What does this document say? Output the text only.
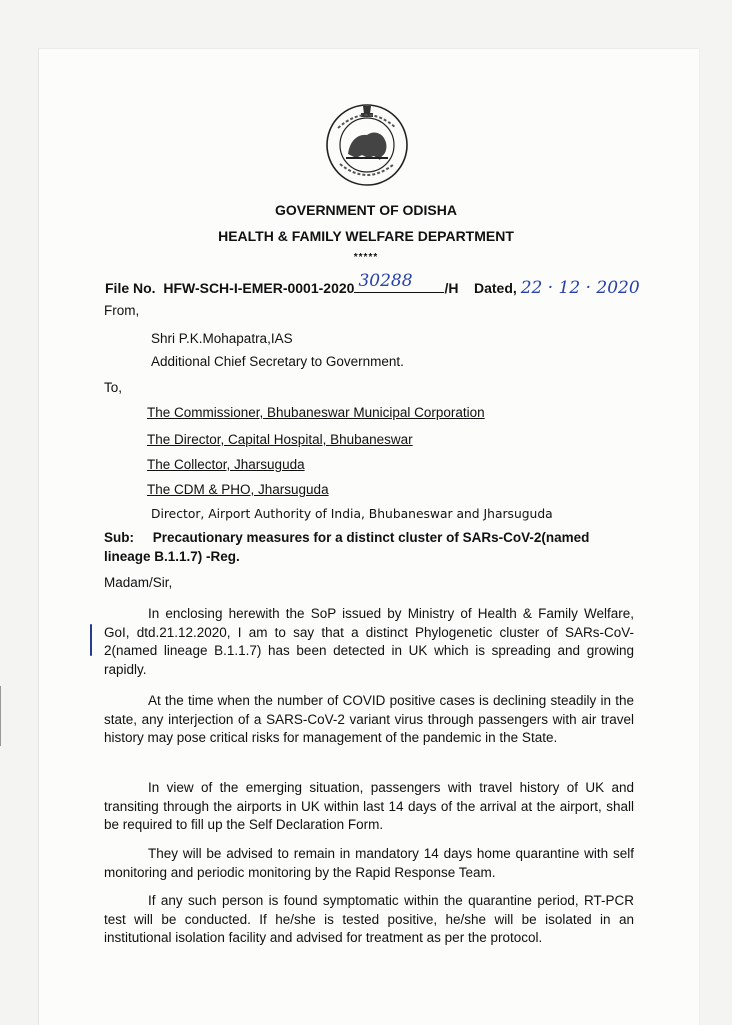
GOVERNMENT OF ODISHA

HEALTH & FAMILY WELFARE DEPARTMENT

*****

File No. HFW-SCH-I-EMER-0001-2020 30288 /H Dated, 22 · 12 · 2020

From,

Shri P.K.Mohapatra,IAS

Additional Chief Secretary to Government.

To,

The Commissioner, Bhubaneswar Municipal Corporation

The Director, Capital Hospital, Bhubaneswar

The Collector, Jharsuguda

The CDM & PHO, Jharsuguda

Director, Airport Authority of India, Bhubaneswar and Jharsuguda

Sub: Precautionary measures for a distinct cluster of SARs-CoV-2(named lineage B.1.1.7) -Reg.

Madam/Sir,

In enclosing herewith the SoP issued by Ministry of Health & Family Welfare, GoI, dtd.21.12.2020, I am to say that a distinct Phylogenetic cluster of SARs-CoV-2(named lineage B.1.1.7) has been detected in UK which is spreading and growing rapidly.

At the time when the number of COVID positive cases is declining steadily in the state, any interjection of a SARS-CoV-2 variant virus through passengers with air travel history may pose critical risks for management of the pandemic in the State.

In view of the emerging situation, passengers with travel history of UK and transiting through the airports in UK within last 14 days of the arrival at the airport, shall be required to fill up the Self Declaration Form.

They will be advised to remain in mandatory 14 days home quarantine with self monitoring and periodic monitoring by the Rapid Response Team.

If any such person is found symptomatic within the quarantine period, RT-PCR test will be conducted. If he/she is tested positive, he/she will be isolated in an institutional isolation facility and advised for treatment as per the protocol.
